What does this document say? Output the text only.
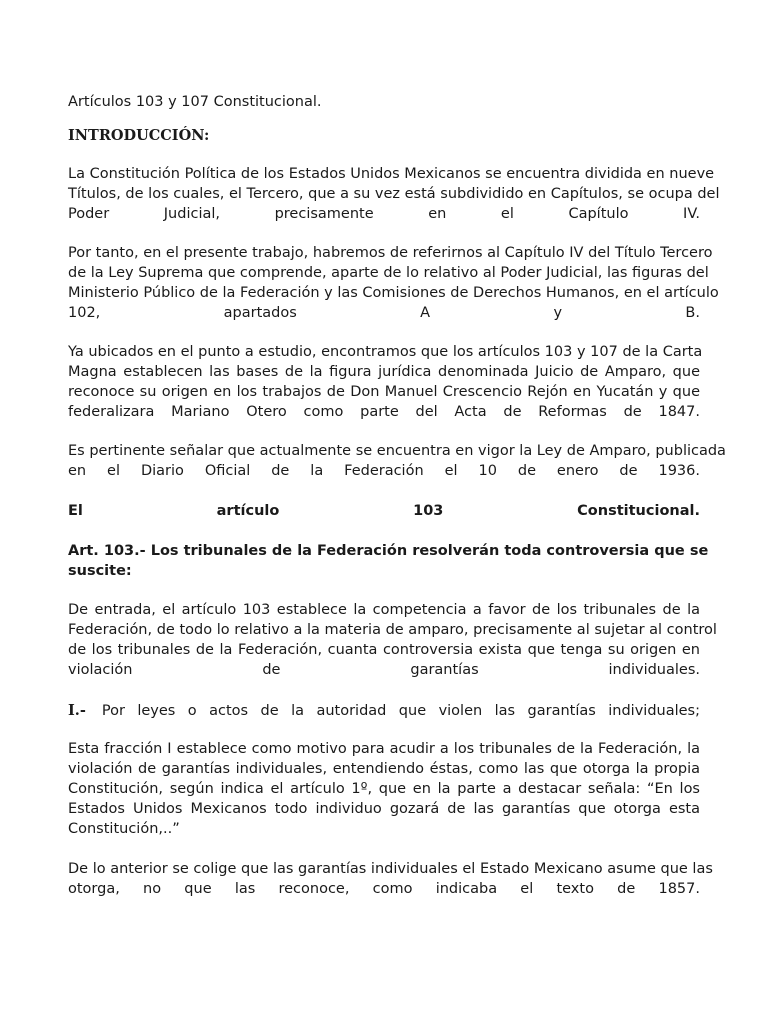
Artículos 103 y 107 Constitucional.
INTRODUCCIÓN:
La Constitución Política de los Estados Unidos Mexicanos se encuentra dividida en nueve
Títulos, de los cuales, el Tercero, que a su vez está subdividido en Capítulos, se ocupa del
Poder Judicial, precisamente en el Capítulo IV.
Por tanto, en el presente trabajo, habremos de referirnos al Capítulo IV del Título Tercero
de la Ley Suprema que comprende, aparte de lo relativo al Poder Judicial, las figuras del
Ministerio Público de la Federación y las Comisiones de Derechos Humanos, en el artículo
102, apartados A y B.
Ya ubicados en el punto a estudio, encontramos que los artículos 103 y 107 de la Carta
Magna establecen las bases de la figura jurídica denominada Juicio de Amparo, que
reconoce su origen en los trabajos de Don Manuel Crescencio Rejón en Yucatán y que
federalizara Mariano Otero como parte del Acta de Reformas de 1847.
Es pertinente señalar que actualmente se encuentra en vigor la Ley de Amparo, publicada
en el Diario Oficial de la Federación el 10 de enero de 1936.
El artículo 103 Constitucional.
Art. 103.- Los tribunales de la Federación resolverán toda controversia que se
suscite:
De entrada, el artículo 103 establece la competencia a favor de los tribunales de la
Federación, de todo lo relativo a la materia de amparo, precisamente al sujetar al control
de los tribunales de la Federación, cuanta controversia exista que tenga su origen en
violación de garantías individuales.
I.- Por leyes o actos de la autoridad que violen las garantías individuales;
Esta fracción I establece como motivo para acudir a los tribunales de la Federación, la
violación de garantías individuales, entendiendo éstas, como las que otorga la propia
Constitución, según indica el artículo 1º, que en la parte a destacar señala: “En los
Estados Unidos Mexicanos todo individuo gozará de las garantías que otorga esta
Constitución,..”
De lo anterior se colige que las garantías individuales el Estado Mexicano asume que las
otorga, no que las reconoce, como indicaba el texto de 1857.
